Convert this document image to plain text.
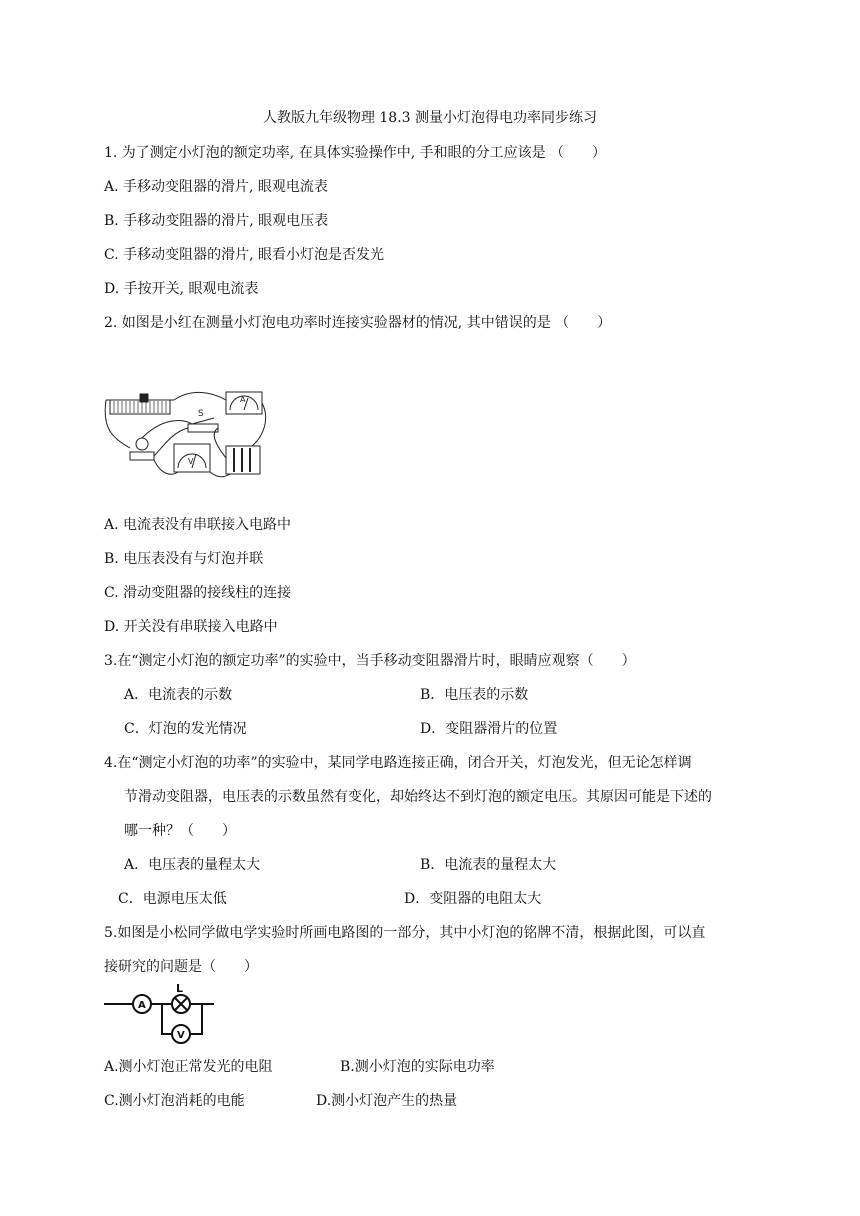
人教版九年级物理 18.3 测量小灯泡得电功率同步练习
1. 为了测定小灯泡的额定功率, 在具体实验操作中, 手和眼的分工应该是 （　　）
A. 手移动变阻器的滑片, 眼观电流表
B. 手移动变阻器的滑片, 眼观电压表
C. 手移动变阻器的滑片, 眼看小灯泡是否发光
D. 手按开关, 眼观电流表
2. 如图是小红在测量小灯泡电功率时连接实验器材的情况, 其中错误的是 （　　）
S
A
V
A. 电流表没有串联接入电路中
B. 电压表没有与灯泡并联
C. 滑动变阻器的接线柱的连接
D. 开关没有串联接入电路中
3.在“测定小灯泡的额定功率”的实验中，当手移动变阻器滑片时，眼睛应观察（　　）
A．电流表的示数	B．电压表的示数
C．灯泡的发光情况	D．变阻器滑片的位置
4.在“测定小灯泡的功率”的实验中，某同学电路连接正确，闭合开关，灯泡发光，但无论怎样调
节滑动变阻器，电压表的示数虽然有变化，却始终达不到灯泡的额定电压。其原因可能是下述的
哪一种？（　　）
A．电压表的量程太大	B．电流表的量程太大
C．电源电压太低	D．变阻器的电阻太大
5.如图是小松同学做电学实验时所画电路图的一部分，其中小灯泡的铭牌不清，根据此图，可以直
接研究的问题是（　　）
A
L
V
A.测小灯泡正常发光的电阻	B.测小灯泡的实际电功率
C.测小灯泡消耗的电能	D.测小灯泡产生的热量
